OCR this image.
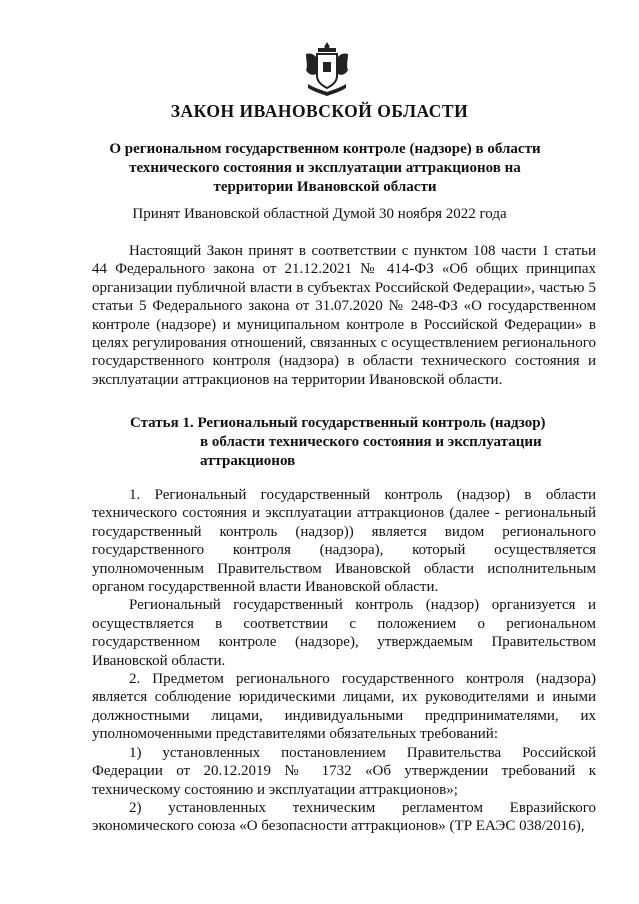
ЗАКОН ИВАНОВСКОЙ ОБЛАСТИ
О региональном государственном контроле (надзоре) в области технического состояния и эксплуатации аттракционов на территории Ивановской области
Принят Ивановской областной Думой 30 ноября 2022 года

Настоящий Закон принят в соответствии с пунктом 108 части 1 статьи 44 Федерального закона от 21.12.2021 № 414-ФЗ «Об общих принципах организации публичной власти в субъектах Российской Федерации», частью 5 статьи 5 Федерального закона от 31.07.2020 № 248-ФЗ «О государственном контроле (надзоре) и муниципальном контроле в Российской Федерации» в целях регулирования отношений, связанных с осуществлением регионального государственного контроля (надзора) в области технического состояния и эксплуатации аттракционов на территории Ивановской области.

Статья 1. Региональный государственный контроль (надзор)
в области технического состояния и эксплуатации аттракционов

1. Региональный государственный контроль (надзор) в области технического состояния и эксплуатации аттракционов (далее - региональный государственный контроль (надзор)) является видом регионального государственного контроля (надзора), который осуществляется уполномоченным Правительством Ивановской области исполнительным органом государственной власти Ивановской области.

Региональный государственный контроль (надзор) организуется и осуществляется в соответствии с положением о региональном государственном контроле (надзоре), утверждаемым Правительством Ивановской области.

2. Предметом регионального государственного контроля (надзора) является соблюдение юридическими лицами, их руководителями и иными должностными лицами, индивидуальными предпринимателями, их уполномоченными представителями обязательных требований:

1) установленных постановлением Правительства Российской Федерации от 20.12.2019 № 1732 «Об утверждении требований к техническому состоянию и эксплуатации аттракционов»;

2) установленных техническим регламентом Евразийского экономического союза «О безопасности аттракционов» (ТР ЕАЭС 038/2016),
